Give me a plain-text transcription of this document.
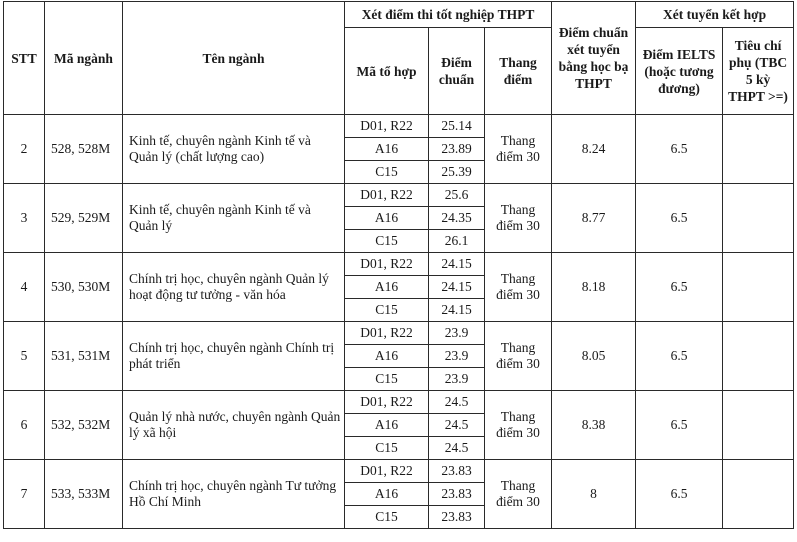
STT	Mã ngành	Tên ngành	Xét điểm thi tốt nghiệp THPT			Điểm chuẩn xét tuyển bằng học bạ THPT	Xét tuyển kết hợp	
			Mã tổ hợp	Điểm chuẩn	Thang điểm		Điểm IELTS (hoặc tương đương)	Tiêu chí phụ (TBC 5 kỳ THPT >=)
2	528, 528M	Kinh tế, chuyên ngành Kinh tế và Quản lý (chất lượng cao)	D01, R22	25.14	Thang điểm 30	8.24	6.5	
			A16	23.89				
			C15	25.39				
3	529, 529M	Kinh tế, chuyên ngành Kinh tế và Quản lý	D01, R22	25.6	Thang điểm 30	8.77	6.5	
			A16	24.35				
			C15	26.1				
4	530, 530M	Chính trị học, chuyên ngành Quản lý hoạt động tư tưởng - văn hóa	D01, R22	24.15	Thang điểm 30	8.18	6.5	
			A16	24.15				
			C15	24.15				
5	531, 531M	Chính trị học, chuyên ngành Chính trị phát triển	D01, R22	23.9	Thang điểm 30	8.05	6.5	
			A16	23.9				
			C15	23.9				
6	532, 532M	Quản lý nhà nước, chuyên ngành Quản lý xã hội	D01, R22	24.5	Thang điểm 30	8.38	6.5	
			A16	24.5				
			C15	24.5				
7	533, 533M	Chính trị học, chuyên ngành Tư tưởng Hồ Chí Minh	D01, R22	23.83	Thang điểm 30	8	6.5	
			A16	23.83				
			C15	23.83				
